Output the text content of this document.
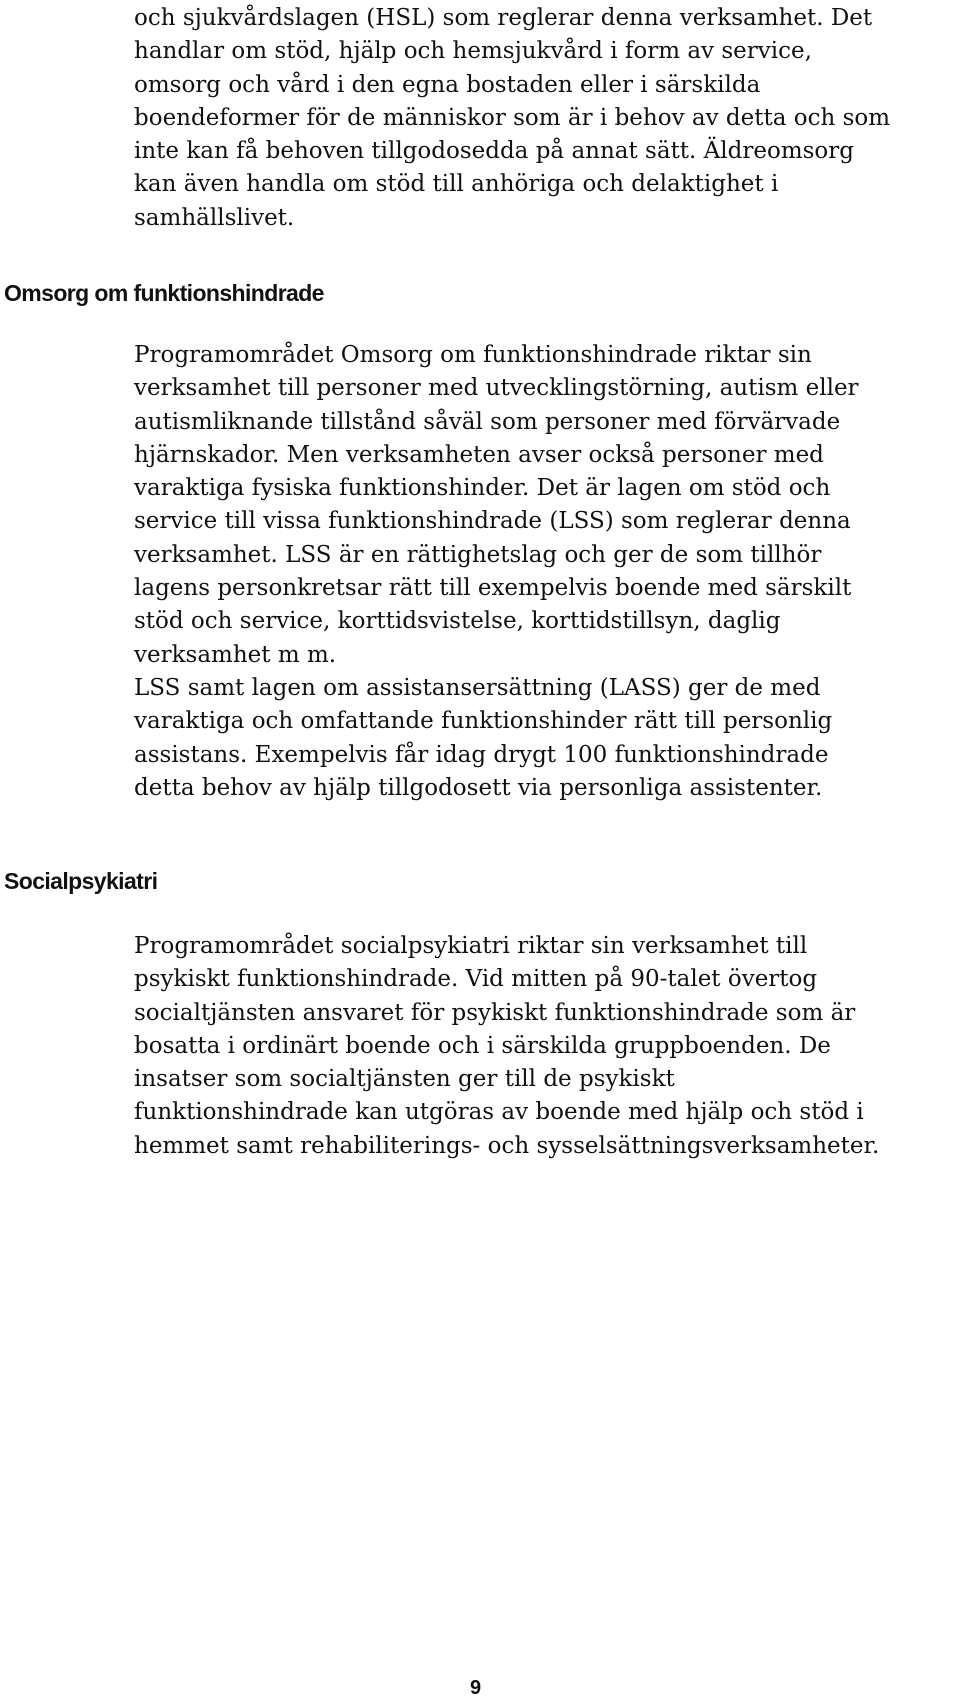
och sjukvårdslagen (HSL) som reglerar denna verksamhet. Det
handlar om stöd, hjälp och hemsjukvård i form av service,
omsorg och vård i den egna bostaden eller i särskilda
boendeformer för de människor som är i behov av detta och som
inte kan få behoven tillgodosedda på annat sätt. Äldreomsorg
kan även handla om stöd till anhöriga och delaktighet i
samhällslivet.

Omsorg om funktionshindrade

Programområdet Omsorg om funktionshindrade riktar sin
verksamhet till personer med utvecklingstörning, autism eller
autismliknande tillstånd såväl som personer med förvärvade
hjärnskador. Men verksamheten avser också personer med
varaktiga fysiska funktionshinder. Det är lagen om stöd och
service till vissa funktionshindrade (LSS) som reglerar denna
verksamhet. LSS är en rättighetslag och ger de som tillhör
lagens personkretsar rätt till exempelvis boende med särskilt
stöd och service, korttidsvistelse, korttidstillsyn, daglig
verksamhet m m.
LSS samt lagen om assistansersättning (LASS) ger de med
varaktiga och omfattande funktionshinder rätt till personlig
assistans. Exempelvis får idag drygt 100 funktionshindrade
detta behov av hjälp tillgodosett via personliga assistenter.

Socialpsykiatri

Programområdet socialpsykiatri riktar sin verksamhet till
psykiskt funktionshindrade. Vid mitten på 90-talet övertog
socialtjänsten ansvaret för psykiskt funktionshindrade som är
bosatta i ordinärt boende och i särskilda gruppboenden. De
insatser som socialtjänsten ger till de psykiskt
funktionshindrade kan utgöras av boende med hjälp och stöd i
hemmet samt rehabiliterings- och sysselsättningsverksamheter.

9
